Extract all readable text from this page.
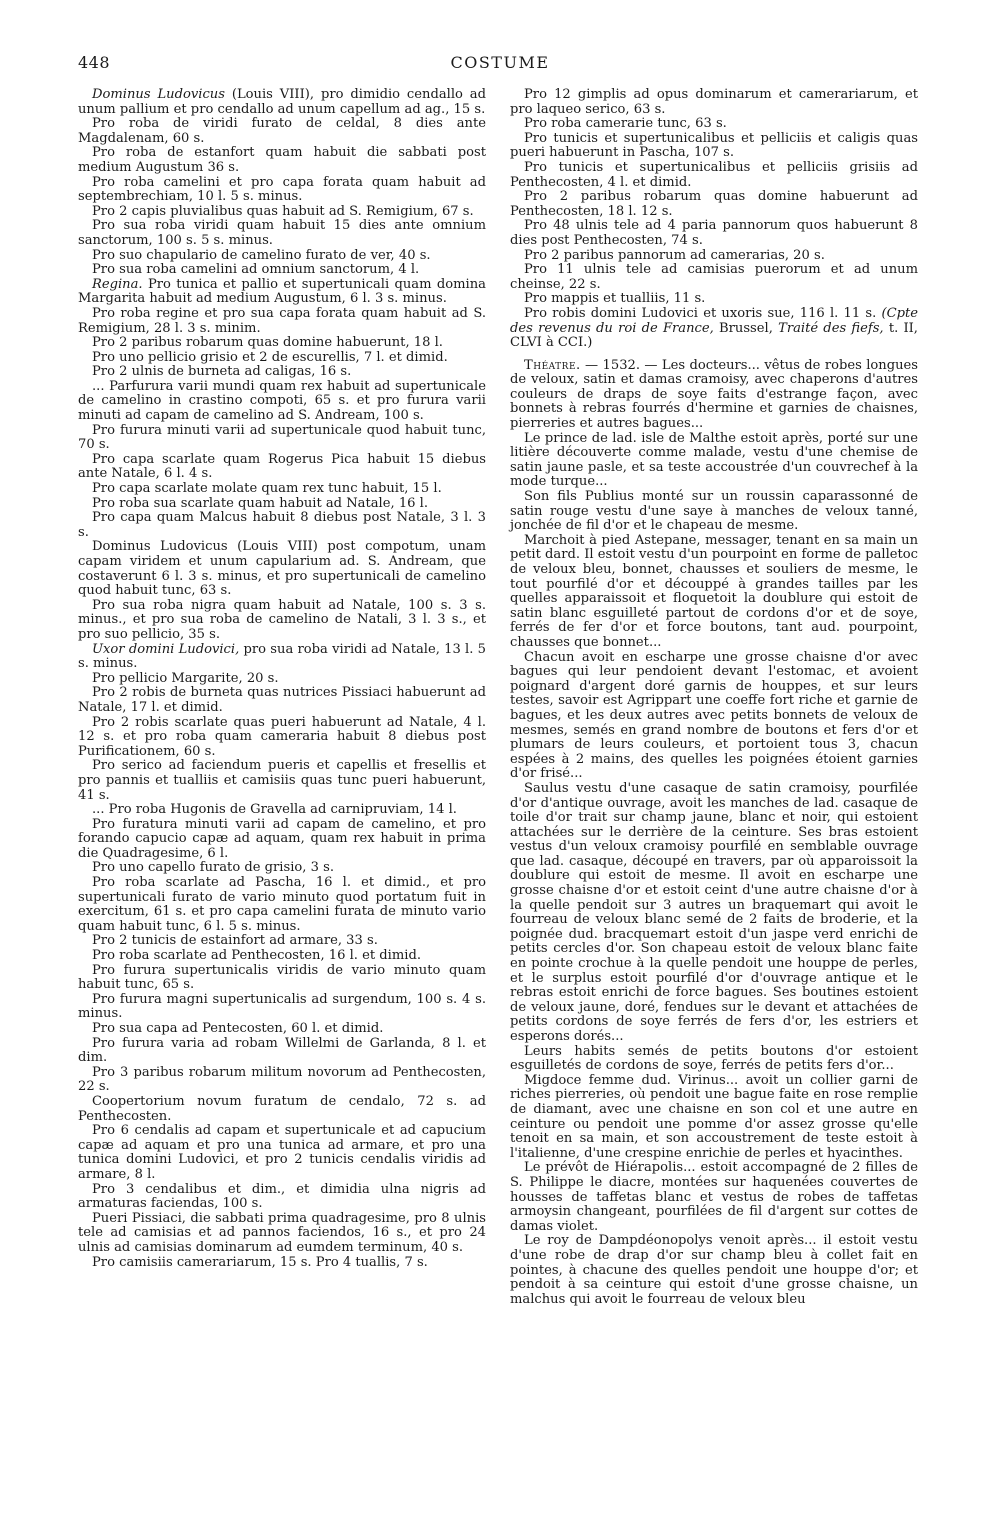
448	COSTUME

Dominus Ludovicus (Louis VIII), pro dimidio cendallo ad unum pallium et pro cendallo ad unum capellum ad ag., 15 s.

Pro roba de viridi furato de celdal, 8 dies ante Magdalenam, 60 s.

Pro roba de estanfort quam habuit die sabbati post medium Augustum 36 s.

Pro roba camelini et pro capa forata quam habuit ad septembrechiam, 10 l. 5 s. minus.

Pro 2 capis pluvialibus quas habuit ad S. Remigium, 67 s.

Pro sua roba viridi quam habuit 15 dies ante omnium sanctorum, 100 s. 5 s. minus.

Pro suo chapulario de camelino furato de ver, 40 s.

Pro sua roba camelini ad omnium sanctorum, 4 l.

Regina. Pro tunica et pallio et supertunicali quam domina Margarita habuit ad medium Augustum, 6 l. 3 s. minus.

Pro roba regine et pro sua capa forata quam habuit ad S. Remigium, 28 l. 3 s. minim.

Pro 2 paribus robarum quas domine habuerunt, 18 l.

Pro uno pellicio grisio et 2 de escurellis, 7 l. et dimid.

Pro 2 ulnis de burneta ad caligas, 16 s.

... Parfurura varii mundi quam rex habuit ad supertunicale de camelino in crastino compoti, 65 s. et pro furura varii minuti ad capam de camelino ad S. Andream, 100 s.

Pro furura minuti varii ad supertunicale quod habuit tunc, 70 s.

Pro capa scarlate quam Rogerus Pica habuit 15 diebus ante Natale, 6 l. 4 s.

Pro capa scarlate molate quam rex tunc habuit, 15 l.

Pro roba sua scarlate quam habuit ad Natale, 16 l.

Pro capa quam Malcus habuit 8 diebus post Natale, 3 l. 3 s.

Dominus Ludovicus (Louis VIII) post compotum, unam capam viridem et unum capularium ad. S. Andream, que costaverunt 6 l. 3 s. minus, et pro supertunicali de camelino quod habuit tunc, 63 s.

Pro sua roba nigra quam habuit ad Natale, 100 s. 3 s. minus., et pro sua roba de camelino de Natali, 3 l. 3 s., et pro suo pellicio, 35 s.

Uxor domini Ludovici, pro sua roba viridi ad Natale, 13 l. 5 s. minus.

Pro pellicio Margarite, 20 s.

Pro 2 robis de burneta quas nutrices Pissiaci habuerunt ad Natale, 17 l. et dimid.

Pro 2 robis scarlate quas pueri habuerunt ad Natale, 4 l. 12 s. et pro roba quam cameraria habuit 8 diebus post Purificationem, 60 s.

Pro serico ad faciendum pueris et capellis et fresellis et pro pannis et tualliis et camisiis quas tunc pueri habuerunt, 41 s.

... Pro roba Hugonis de Gravella ad carnipruviam, 14 l.

Pro furatura minuti varii ad capam de camelino, et pro forando capucio capæ ad aquam, quam rex habuit in prima die Quadragesime, 6 l.

Pro uno capello furato de grisio, 3 s.

Pro roba scarlate ad Pascha, 16 l. et dimid., et pro supertunicali furato de vario minuto quod portatum fuit in exercitum, 61 s. et pro capa camelini furata de minuto vario quam habuit tunc, 6 l. 5 s. minus.

Pro 2 tunicis de estainfort ad armare, 33 s.

Pro roba scarlate ad Penthecosten, 16 l. et dimid.

Pro furura supertunicalis viridis de vario minuto quam habuit tunc, 65 s.

Pro furura magni supertunicalis ad surgendum, 100 s. 4 s. minus.

Pro sua capa ad Pentecosten, 60 l. et dimid.

Pro furura varia ad robam Willelmi de Garlanda, 8 l. et dim.

Pro 3 paribus robarum militum novorum ad Penthecosten, 22 s.

Coopertorium novum furatum de cendalo, 72 s. ad Penthecosten.

Pro 6 cendalis ad capam et supertunicale et ad capucium capæ ad aquam et pro una tunica ad armare, et pro una tunica domini Ludovici, et pro 2 tunicis cendalis viridis ad armare, 8 l.

Pro 3 cendalibus et dim., et dimidia ulna nigris ad armaturas faciendas, 100 s.

Pueri Pissiaci, die sabbati prima quadragesime, pro 8 ulnis tele ad camisias et ad pannos faciendos, 16 s., et pro 24 ulnis ad camisias dominarum ad eumdem terminum, 40 s.

Pro camisiis camerariarum, 15 s. Pro 4 tuallis, 7 s.

Pro 12 gimplis ad opus dominarum et camerariarum, et pro laqueo serico, 63 s.

Pro roba camerarie tunc, 63 s.

Pro tunicis et supertunicalibus et pelliciis et caligis quas pueri habuerunt in Pascha, 107 s.

Pro tunicis et supertunicalibus et pelliciis grisiis ad Penthecosten, 4 l. et dimid.

Pro 2 paribus robarum quas domine habuerunt ad Penthecosten, 18 l. 12 s.

Pro 48 ulnis tele ad 4 paria pannorum quos habuerunt 8 dies post Penthecosten, 74 s.

Pro 2 paribus pannorum ad camerarias, 20 s.

Pro 11 ulnis tele ad camisias puerorum et ad unum cheinse, 22 s.

Pro mappis et tualliis, 11 s.

Pro robis domini Ludovici et uxoris sue, 116 l. 11 s. (Cpte des revenus du roi de France, Brussel, Traité des fiefs, t. II, CLVI à CCI.)

Théatre. — 1532. — Les docteurs... vêtus de robes longues de veloux, satin et damas cramoisy, avec chaperons d'autres couleurs de draps de soye faits d'estrange façon, avec bonnets à rebras fourrés d'hermine et garnies de chaisnes, pierreries et autres bagues...

Le prince de lad. isle de Malthe estoit après, porté sur une litière découverte comme malade, vestu d'une chemise de satin jaune pasle, et sa teste accoustrée d'un couvrechef à la mode turque...

Son fils Publius monté sur un roussin caparassonné de satin rouge vestu d'une saye à manches de veloux tanné, jonchée de fil d'or et le chapeau de mesme.

Marchoit à pied Astepane, messager, tenant en sa main un petit dard. Il estoit vestu d'un pourpoint en forme de palletoc de veloux bleu, bonnet, chausses et souliers de mesme, le tout pourfilé d'or et découppé à grandes tailles par les quelles apparaissoit et floquetoit la doublure qui estoit de satin blanc esguilleté partout de cordons d'or et de soye, ferrés de fer d'or et force boutons, tant aud. pourpoint, chausses que bonnet...

Chacun avoit en escharpe une grosse chaisne d'or avec bagues qui leur pendoient devant l'estomac, et avoient poignard d'argent doré garnis de houppes, et sur leurs testes, savoir est Agrippart une coeffe fort riche et garnie de bagues, et les deux autres avec petits bonnets de veloux de mesmes, semés en grand nombre de boutons et fers d'or et plumars de leurs couleurs, et portoient tous 3, chacun espées à 2 mains, des quelles les poignées étoient garnies d'or frisé...

Saulus vestu d'une casaque de satin cramoisy, pourfilée d'or d'antique ouvrage, avoit les manches de lad. casaque de toile d'or trait sur champ jaune, blanc et noir, qui estoient attachées sur le derrière de la ceinture. Ses bras estoient vestus d'un veloux cramoisy pourfilé en semblable ouvrage que lad. casaque, découpé en travers, par où apparoissoit la doublure qui estoit de mesme. Il avoit en escharpe une grosse chaisne d'or et estoit ceint d'une autre chaisne d'or à la quelle pendoit sur 3 autres un braquemart qui avoit le fourreau de veloux blanc semé de 2 faits de broderie, et la poignée dud. bracquemart estoit d'un jaspe verd enrichi de petits cercles d'or. Son chapeau estoit de veloux blanc faite en pointe crochue à la quelle pendoit une houppe de perles, et le surplus estoit pourfilé d'or d'ouvrage antique et le rebras estoit enrichi de force bagues. Ses boutines estoient de veloux jaune, doré, fendues sur le devant et attachées de petits cordons de soye ferrés de fers d'or, les estriers et esperons dorés...

Leurs habits semés de petits boutons d'or estoient esguilletés de cordons de soye, ferrés de petits fers d'or...

Migdoce femme dud. Virinus... avoit un collier garni de riches pierreries, où pendoit une bague faite en rose remplie de diamant, avec une chaisne en son col et une autre en ceinture ou pendoit une pomme d'or assez grosse qu'elle tenoit en sa main, et son accoustrement de teste estoit à l'italienne, d'une crespine enrichie de perles et hyacinthes.

Le prévôt de Hiérapolis... estoit accompagné de 2 filles de S. Philippe le diacre, montées sur haquenées couvertes de housses de taffetas blanc et vestus de robes de taffetas armoysin changeant, pourfilées de fil d'argent sur cottes de damas violet.

Le roy de Dampdéonopolys venoit après... il estoit vestu d'une robe de drap d'or sur champ bleu à collet fait en pointes, à chacune des quelles pendoit une houppe d'or; et pendoit à sa ceinture qui estoit d'une grosse chaisne, un malchus qui avoit le fourreau de veloux bleu
